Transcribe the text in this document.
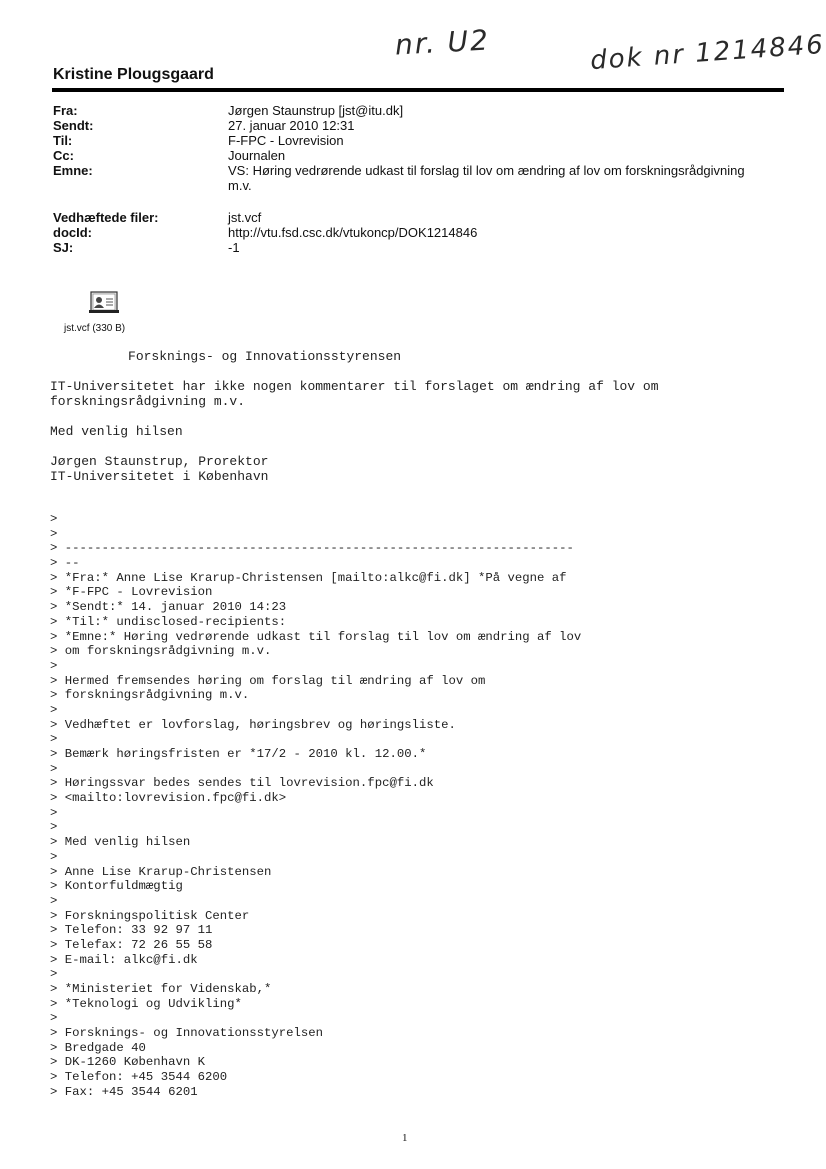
nr. U2	dok nr 1214846
Kristine Plougsgaard
Fra:	Jørgen Staunstrup [jst@itu.dk]
Sendt:	27. januar 2010 12:31
Til:	F-FPC - Lovrevision
Cc:	Journalen
Emne:	VS: Høring vedrørende udkast til forslag til lov om ændring af lov om forskningsrådgivning
m.v.
Vedhæftede filer:	jst.vcf
docId:	http://vtu.fsd.csc.dk/vtukoncp/DOK1214846
SJ:	-1
jst.vcf (330 B)
Forsknings- og Innovationsstyrensen
IT-Universitetet har ikke nogen kommentarer til forslaget om ændring af lov om
forskningsrådgivning m.v.
Med venlig hilsen
Jørgen Staunstrup, Prorektor
IT-Universitetet i København
>
>
> ---------------------------------------------------------------------
> --
> *Fra:* Anne Lise Krarup-Christensen [mailto:alkc@fi.dk] *På vegne af
> *F-FPC - Lovrevision
> *Sendt:* 14. januar 2010 14:23
> *Til:* undisclosed-recipients:
> *Emne:* Høring vedrørende udkast til forslag til lov om ændring af lov
> om forskningsrådgivning m.v.
>
> Hermed fremsendes høring om forslag til ændring af lov om
> forskningsrådgivning m.v.
>
> Vedhæftet er lovforslag, høringsbrev og høringsliste.
>
> Bemærk høringsfristen er *17/2 - 2010 kl. 12.00.*
>
> Høringssvar bedes sendes til lovrevision.fpc@fi.dk
> <mailto:lovrevision.fpc@fi.dk>
>
>
> Med venlig hilsen
>
> Anne Lise Krarup-Christensen
> Kontorfuldmægtig
>
> Forskningspolitisk Center
> Telefon: 33 92 97 11
> Telefax: 72 26 55 58
> E-mail: alkc@fi.dk
>
> *Ministeriet for Videnskab,*
> *Teknologi og Udvikling*
>
> Forsknings- og Innovationsstyrelsen
> Bredgade 40
> DK-1260 København K
> Telefon: +45 3544 6200
> Fax: +45 3544 6201
1
